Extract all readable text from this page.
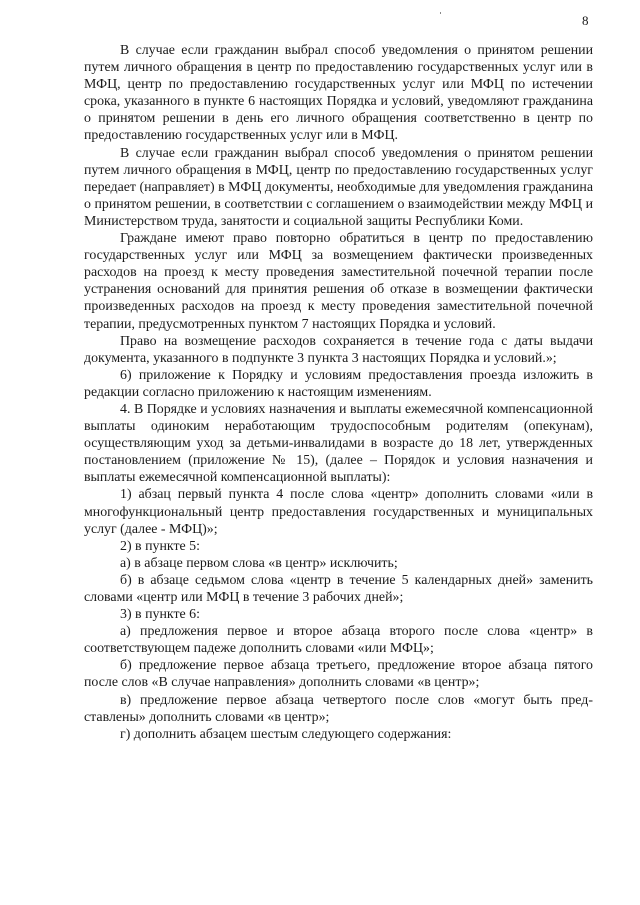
8

В случае если гражданин выбрал способ уведомления о принятом решении путем личного обращения в центр по предоставлению государственных услуг или в МФЦ, центр по предоставлению государственных услуг или МФЦ по истечении срока, указанного в пункте 6 настоящих Порядка и условий, уведомляют гражданина о принятом решении в день его личного обращения соответственно в центр по предоставлению государственных услуг или в МФЦ.

В случае если гражданин выбрал способ уведомления о принятом решении путем личного обращения в МФЦ, центр по предоставлению государственных услуг передает (направляет) в МФЦ документы, необходимые для уведомления гражданина о принятом решении, в соответствии с соглашением о взаимодействии между МФЦ и Министерством труда, занятости и социальной защиты Республики Коми.

Граждане имеют право повторно обратиться в центр по предоставлению государственных услуг или МФЦ за возмещением фактически произведенных расходов на проезд к месту проведения заместительной почечной терапии после устранения оснований для принятия решения об отказе в возмещении фактически произведенных расходов на проезд к месту проведения заместительной почечной терапии, предусмотренных пунктом 7 настоящих Порядка и условий.

Право на возмещение расходов сохраняется в течение года с даты выдачи документа, указанного в подпункте 3 пункта 3 настоящих Порядка и условий.»;

6) приложение к Порядку и условиям предоставления проезда изложить в редакции согласно приложению к настоящим изменениям.

4. В Порядке и условиях назначения и выплаты ежемесячной компенсационной выплаты одиноким неработающим трудоспособным родителям (опекунам), осуществляющим уход за детьми-инвалидами в возрасте до 18 лет, утвержденных постановлением (приложение № 15), (далее – Порядок и условия назначения и выплаты ежемесячной компенсационной выплаты):

1) абзац первый пункта 4 после слова «центр» дополнить словами «или в многофункциональный центр предоставления государственных и муниципальных услуг (далее - МФЦ)»;

2) в пункте 5:

а) в абзаце первом слова «в центр» исключить;

б) в абзаце седьмом слова «центр в течение 5 календарных дней» заменить словами «центр или МФЦ в течение 3 рабочих дней»;

3) в пункте 6:

а) предложения первое и второе абзаца второго после слова «центр» в соответствующем падеже дополнить словами «или МФЦ»;

б) предложение первое абзаца третьего, предложение второе абзаца пятого после слов «В случае направления» дополнить словами «в центр»;

в) предложение первое абзаца четвертого после слов «могут быть представлены» дополнить словами «в центр»;

г) дополнить абзацем шестым следующего содержания:
